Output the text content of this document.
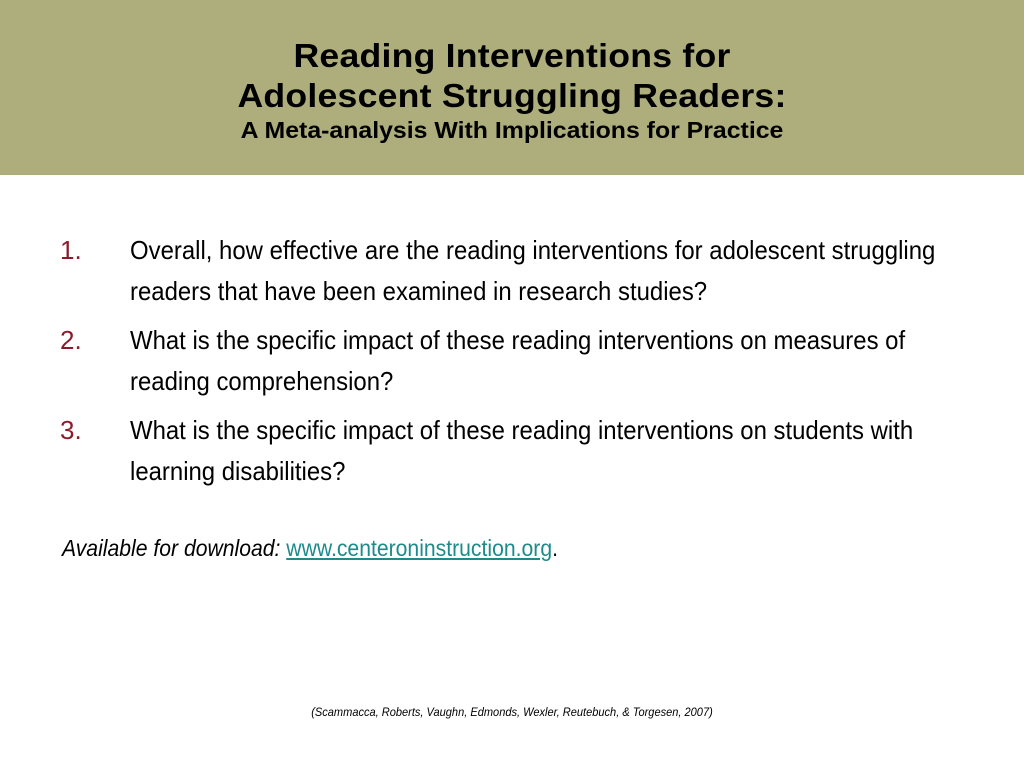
Reading Interventions for
Adolescent Struggling Readers:
A Meta-analysis With Implications for Practice
1. Overall, how effective are the reading interventions for adolescent struggling readers that have been examined in research studies?
2. What is the specific impact of these reading interventions on measures of reading comprehension?
3. What is the specific impact of these reading interventions on students with learning disabilities?
Available for download: www.centeroninstruction.org.
(Scammacca, Roberts, Vaughn, Edmonds, Wexler, Reutebuch, & Torgesen, 2007)
